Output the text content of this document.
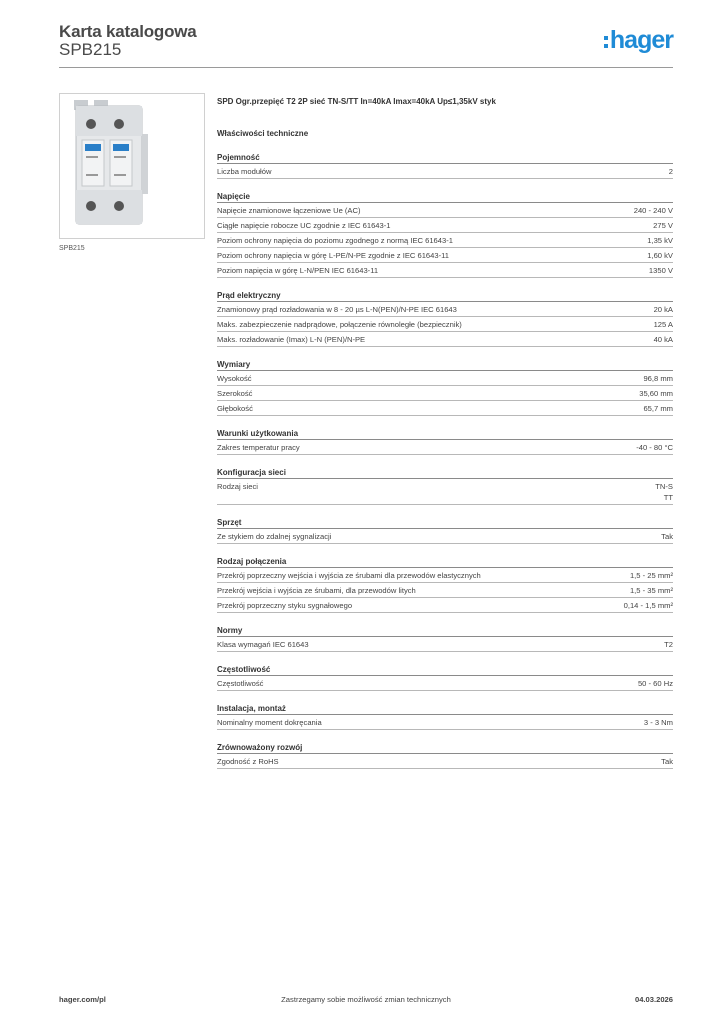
Karta katalogowa
SPB215	hager
SPB215
SPD Ogr.przepięć T2 2P sieć TN-S/TT In=40kA Imax=40kA Up≤1,35kV styk
Właściwości techniczne
Pojemność
Liczba modułów	2
Napięcie
Napięcie znamionowe łączeniowe Ue (AC)	240 - 240 V
Ciągłe napięcie robocze UC zgodnie z IEC 61643-1	275 V
Poziom ochrony napięcia do poziomu zgodnego z normą IEC 61643-1	1,35 kV
Poziom ochrony napięcia w górę L-PE/N-PE zgodnie z IEC 61643-11	1,60 kV
Poziom napięcia w górę L-N/PEN IEC 61643-11	1350 V
Prąd elektryczny
Znamionowy prąd rozładowania w 8 - 20 µs L-N(PEN)/N-PE IEC 61643	20 kA
Maks. zabezpieczenie nadprądowe, połączenie równoległe (bezpiecznik)	125 A
Maks. rozładowanie (Imax) L-N (PEN)/N-PE	40 kA
Wymiary
Wysokość	96,8 mm
Szerokość	35,60 mm
Głębokość	65,7 mm
Warunki użytkowania
Zakres temperatur pracy	-40 - 80 °C
Konfiguracja sieci
Rodzaj sieci	TN-S
TT
Sprzęt
Ze stykiem do zdalnej sygnalizacji	Tak
Rodzaj połączenia
Przekrój poprzeczny wejścia i wyjścia ze śrubami dla przewodów elastycznych	1,5 - 25 mm²
Przekrój wejścia i wyjścia ze śrubami, dla przewodów litych	1,5 - 35 mm²
Przekrój poprzeczny styku sygnałowego	0,14 - 1,5 mm²
Normy
Klasa wymagań IEC 61643	T2
Częstotliwość
Częstotliwość	50 - 60 Hz
Instalacja, montaż
Nominalny moment dokręcania	3 - 3 Nm
Zrównoważony rozwój
Zgodność z RoHS	Tak
hager.com/pl	Zastrzegamy sobie możliwość zmian technicznych	04.03.2026
